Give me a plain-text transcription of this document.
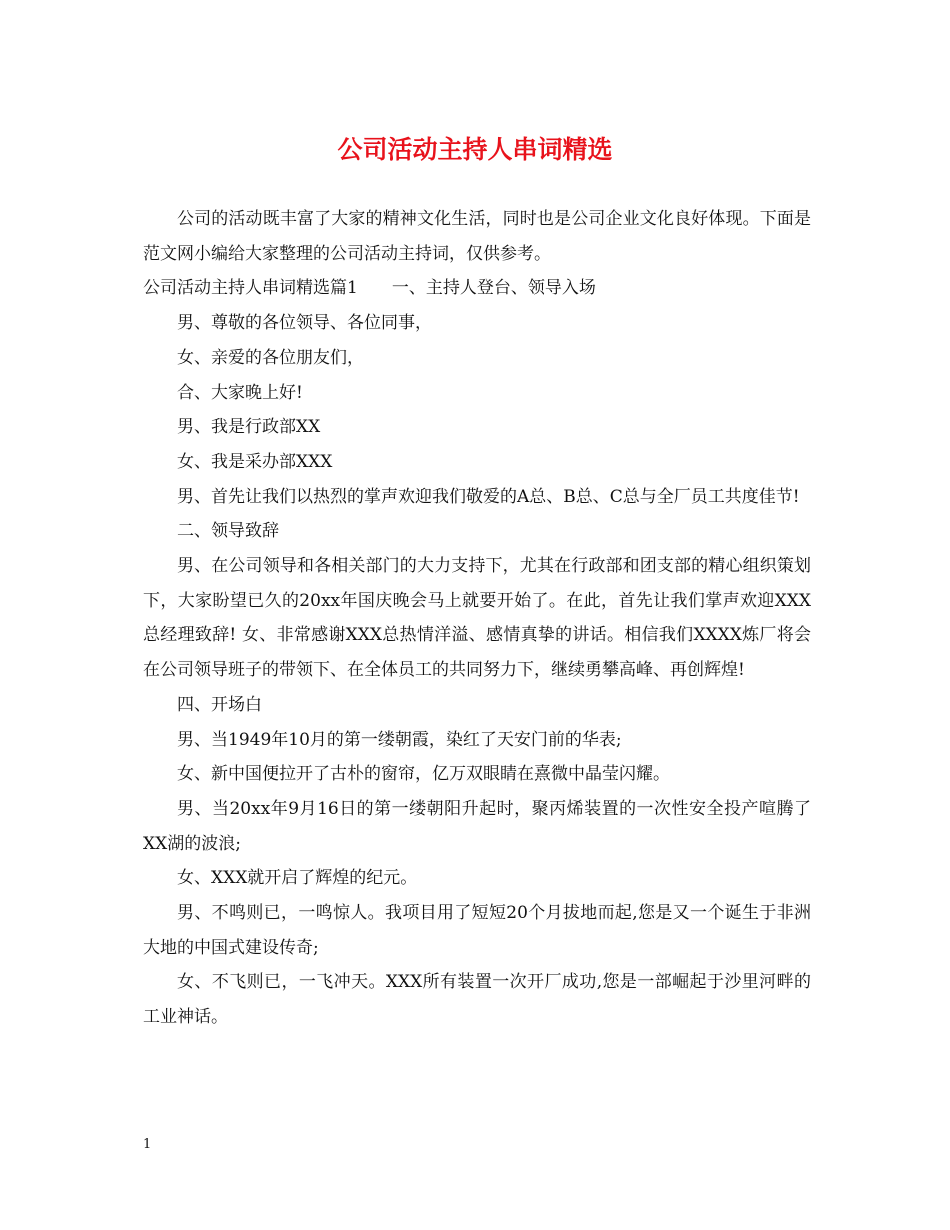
公司活动主持人串词精选

公司的活动既丰富了大家的精神文化生活，同时也是公司企业文化良好体现。下面是范文网小编给大家整理的公司活动主持词，仅供参考。

公司活动主持人串词精选篇1　　一、主持人登台、领导入场

男、尊敬的各位领导、各位同事，

女、亲爱的各位朋友们，

合、大家晚上好!

男、我是行政部XX

女、我是采办部XXX

男、首先让我们以热烈的掌声欢迎我们敬爱的A总、B总、C总与全厂员工共度佳节!

二、领导致辞

男、在公司领导和各相关部门的大力支持下，尤其在行政部和团支部的精心组织策划下，大家盼望已久的20xx年国庆晚会马上就要开始了。在此，首先让我们掌声欢迎XXX总经理致辞! 女、非常感谢XXX总热情洋溢、感情真挚的讲话。相信我们XXXX炼厂将会在公司领导班子的带领下、在全体员工的共同努力下，继续勇攀高峰、再创辉煌!

四、开场白

男、当1949年10月的第一缕朝霞，染红了天安门前的华表;

女、新中国便拉开了古朴的窗帘，亿万双眼睛在熹微中晶莹闪耀。

男、当20xx年9月16日的第一缕朝阳升起时，聚丙烯装置的一次性安全投产喧腾了XX湖的波浪;

女、XXX就开启了辉煌的纪元。

男、不鸣则已，一鸣惊人。我项目用了短短20个月拔地而起,您是又一个诞生于非洲大地的中国式建设传奇;

女、不飞则已，一飞冲天。XXX所有装置一次开厂成功,您是一部崛起于沙里河畔的工业神话。

1
